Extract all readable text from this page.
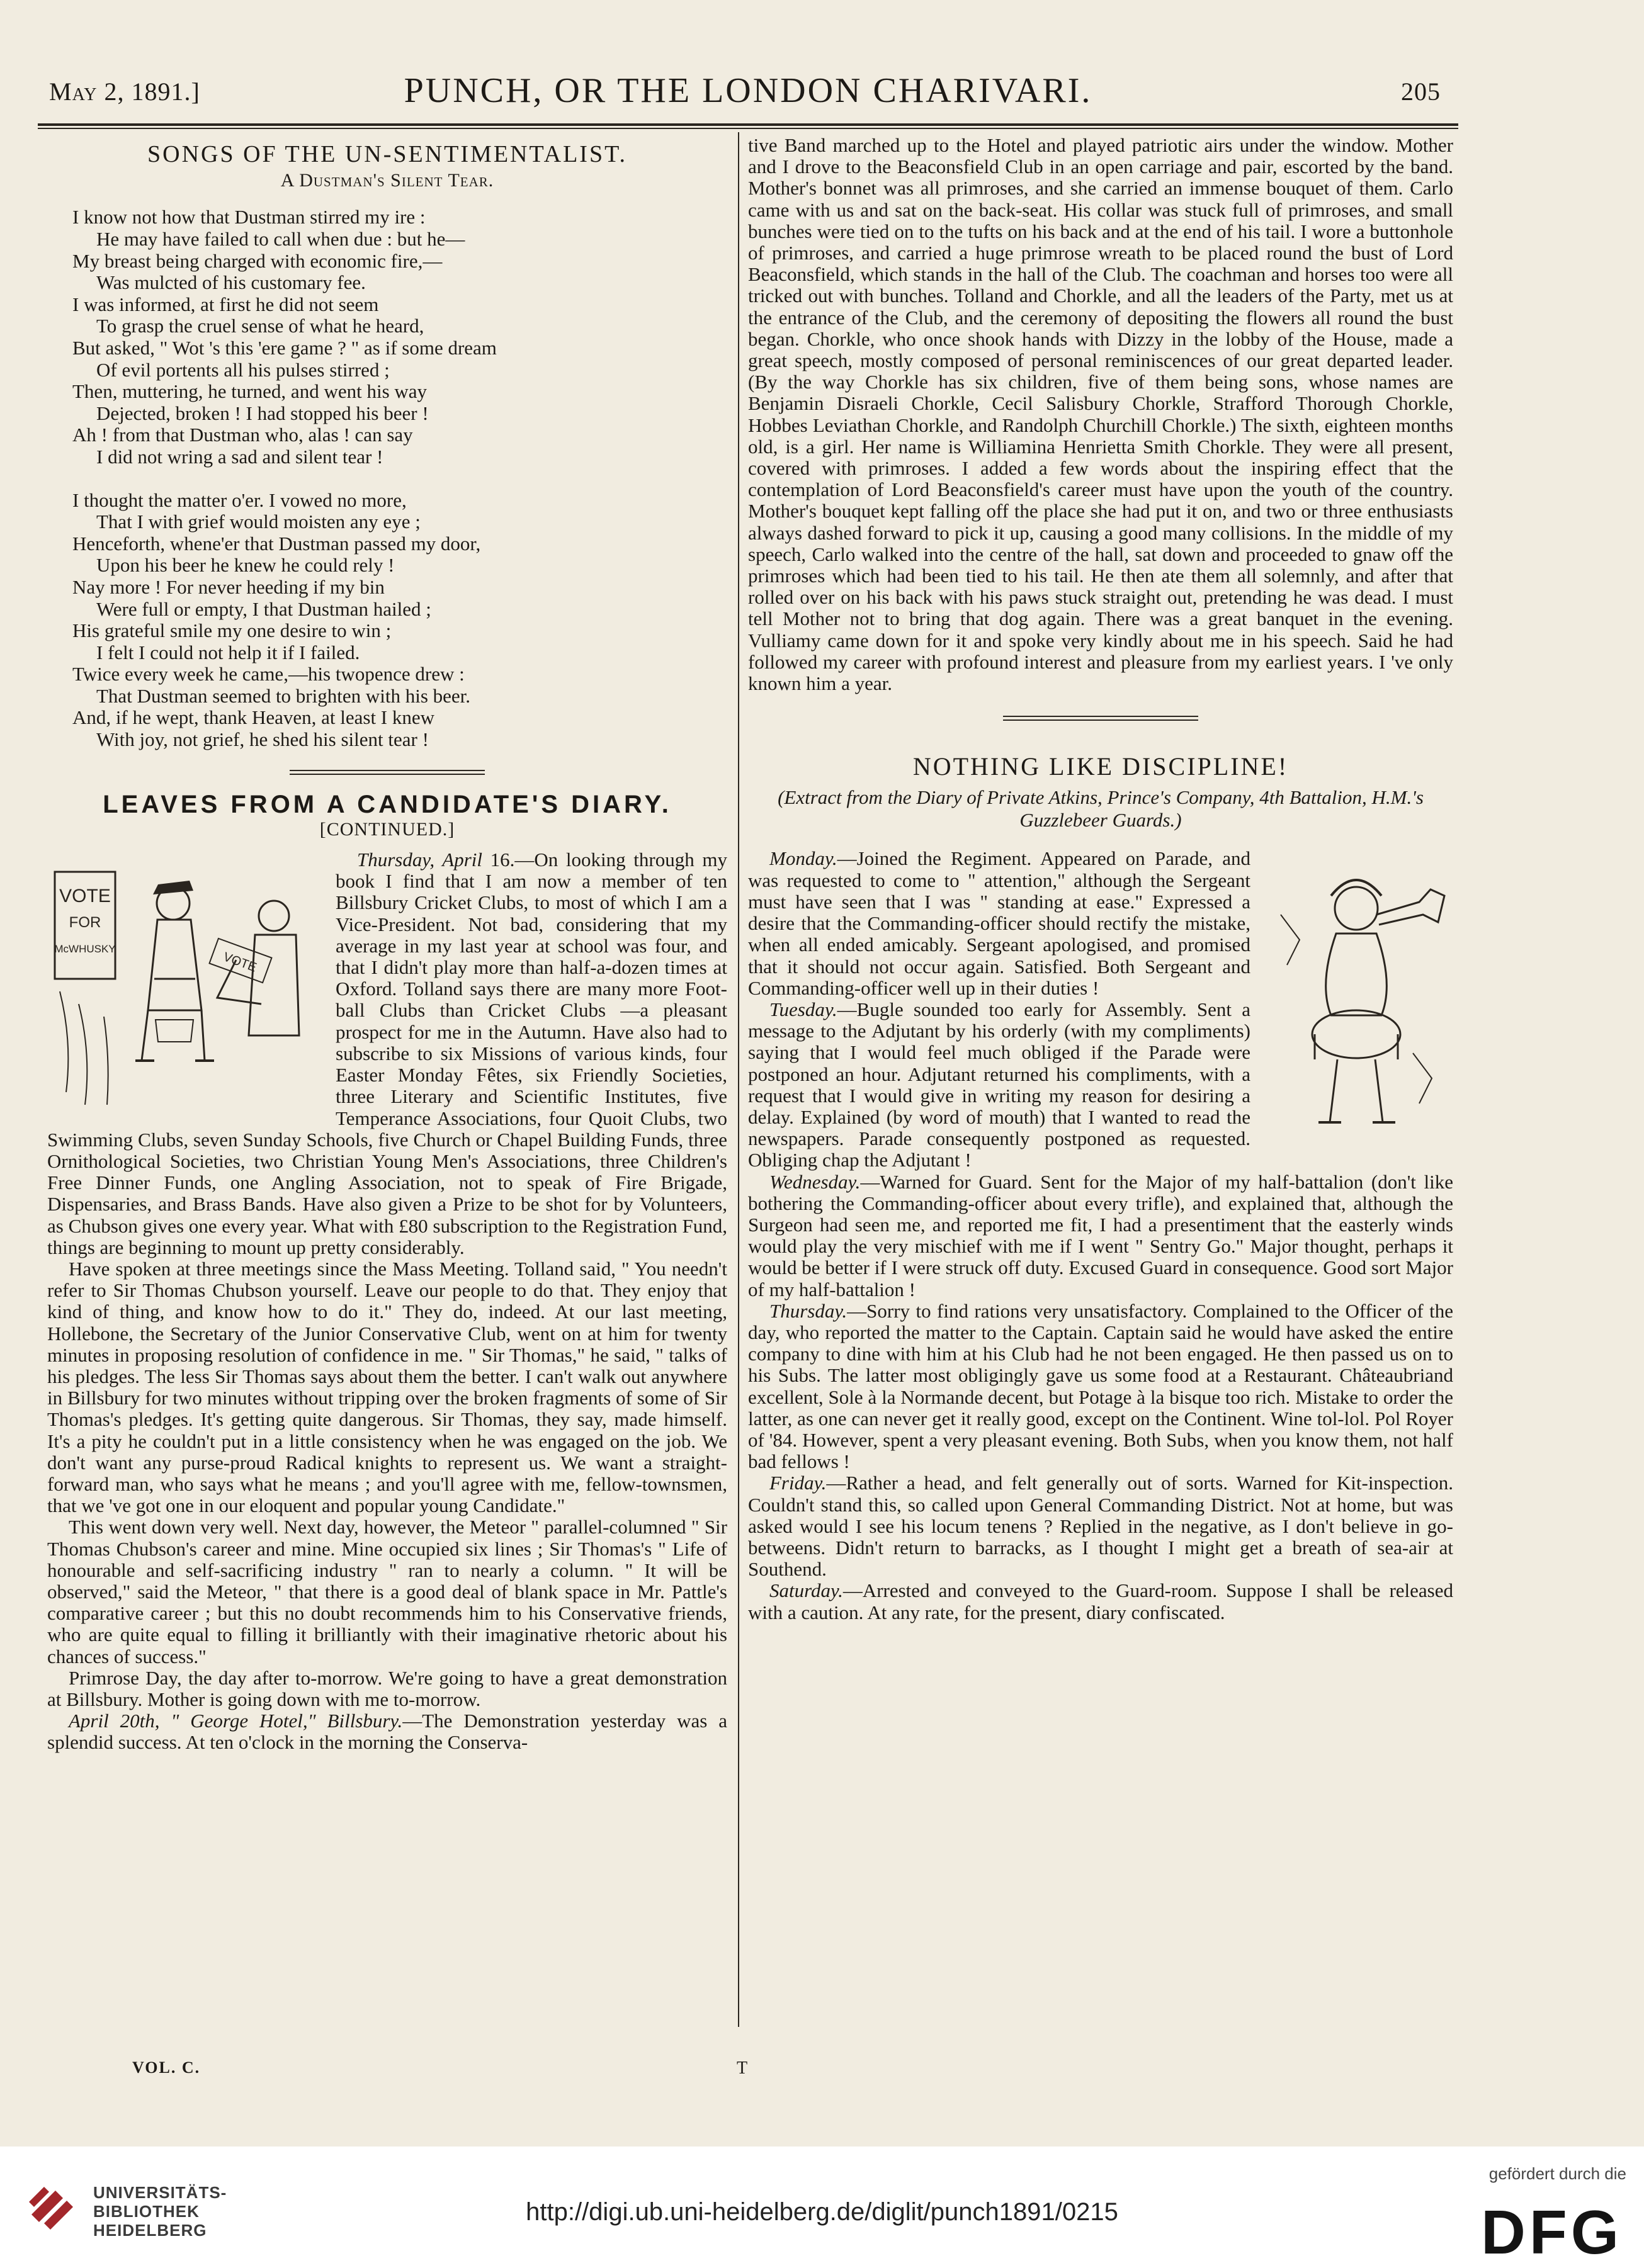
May 2, 1891.]	PUNCH, OR THE LONDON CHARIVARI.	205
SONGS OF THE UN-SENTIMENTALIST.
A Dustman's Silent Tear.
I know not how that Dustman stirred my ire :
He may have failed to call when due : but he—
My breast being charged with economic fire,—
Was mulcted of his customary fee.
I was informed, at first he did not seem
To grasp the cruel sense of what he heard,
But asked, " Wot 's this 'ere game ? " as if some dream
Of evil portents all his pulses stirred ;
Then, muttering, he turned, and went his way
Dejected, broken ! I had stopped his beer !
Ah ! from that Dustman who, alas ! can say
I did not wring a sad and silent tear !
I thought the matter o'er. I vowed no more,
That I with grief would moisten any eye ;
Henceforth, whene'er that Dustman passed my door,
Upon his beer he knew he could rely !
Nay more ! For never heeding if my bin
Were full or empty, I that Dustman hailed ;
His grateful smile my one desire to win ;
I felt I could not help it if I failed.
Twice every week he came,—his twopence drew :
That Dustman seemed to brighten with his beer.
And, if he wept, thank Heaven, at least I knew
With joy, not grief, he shed his silent tear !
LEAVES FROM A CANDIDATE'S DIARY.
[CONTINUED.]

VOTE
FOR
McWHUSKY
VOTE
Thursday, April 16.—On looking through my book I find that I am now a member of ten Billsbury Cricket Clubs, to most of which I am a Vice-President. Not bad, considering that my average in my last year at school was four, and that I didn't play more than half-a-dozen times at Oxford. Tolland says there are many more Foot-ball Clubs than Cricket Clubs —a pleasant prospect for me in the Autumn. Have also had to subscribe to six Missions of various kinds, four Easter Monday Fêtes, six Friendly Societies, three Literary and Scientific Institutes, five Temperance Associations, four Quoit Clubs, two Swimming Clubs, seven Sunday Schools, five Church or Chapel Building Funds, three Ornithological Societies, two Christian Young Men's Associations, three Children's Free Dinner Funds, one Angling Association, not to speak of Fire Brigade, Dispensaries, and Brass Bands. Have also given a Prize to be shot for by Volunteers, as Chubson gives one every year. What with £80 subscription to the Registration Fund, things are beginning to mount up pretty considerably.

Have spoken at three meetings since the Mass Meeting. Tolland said, " You needn't refer to Sir Thomas Chubson yourself. Leave our people to do that. They enjoy that kind of thing, and know how to do it." They do, indeed. At our last meeting, Hollebone, the Secretary of the Junior Conservative Club, went on at him for twenty minutes in proposing resolution of confidence in me. " Sir Thomas," he said, " talks of his pledges. The less Sir Thomas says about them the better. I can't walk out anywhere in Billsbury for two minutes without tripping over the broken fragments of some of Sir Thomas's pledges. It's getting quite dangerous. Sir Thomas, they say, made himself. It's a pity he couldn't put in a little consistency when he was engaged on the job. We don't want any purse-proud Radical knights to represent us. We want a straight-forward man, who says what he means ; and you'll agree with me, fellow-townsmen, that we 've got one in our eloquent and popular young Candidate."

This went down very well. Next day, however, the Meteor " parallel-columned " Sir Thomas Chubson's career and mine. Mine occupied six lines ; Sir Thomas's " Life of honourable and self-sacrificing industry " ran to nearly a column. " It will be observed," said the Meteor, " that there is a good deal of blank space in Mr. Pattle's comparative career ; but this no doubt recommends him to his Conservative friends, who are quite equal to filling it brilliantly with their imaginative rhetoric about his chances of success."

Primrose Day, the day after to-morrow. We're going to have a great demonstration at Billsbury. Mother is going down with me to-morrow.

April 20th, " George Hotel," Billsbury.—The Demonstration yesterday was a splendid success. At ten o'clock in the morning the Conserva-

tive Band marched up to the Hotel and played patriotic airs under the window. Mother and I drove to the Beaconsfield Club in an open carriage and pair, escorted by the band. Mother's bonnet was all primroses, and she carried an immense bouquet of them. Carlo came with us and sat on the back-seat. His collar was stuck full of primroses, and small bunches were tied on to the tufts on his back and at the end of his tail. I wore a buttonhole of primroses, and carried a huge primrose wreath to be placed round the bust of Lord Beaconsfield, which stands in the hall of the Club. The coachman and horses too were all tricked out with bunches. Tolland and Chorkle, and all the leaders of the Party, met us at the entrance of the Club, and the ceremony of depositing the flowers all round the bust began. Chorkle, who once shook hands with Dizzy in the lobby of the House, made a great speech, mostly composed of personal reminiscences of our great departed leader. (By the way Chorkle has six children, five of them being sons, whose names are Benjamin Disraeli Chorkle, Cecil Salisbury Chorkle, Strafford Thorough Chorkle, Hobbes Leviathan Chorkle, and Randolph Churchill Chorkle.) The sixth, eighteen months old, is a girl. Her name is Williamina Henrietta Smith Chorkle. They were all present, covered with primroses. I added a few words about the inspiring effect that the contemplation of Lord Beaconsfield's career must have upon the youth of the country. Mother's bouquet kept falling off the place she had put it on, and two or three enthusiasts always dashed forward to pick it up, causing a good many collisions. In the middle of my speech, Carlo walked into the centre of the hall, sat down and proceeded to gnaw off the primroses which had been tied to his tail. He then ate them all solemnly, and after that rolled over on his back with his paws stuck straight out, pretending he was dead. I must tell Mother not to bring that dog again. There was a great banquet in the evening. Vulliamy came down for it and spoke very kindly about me in his speech. Said he had followed my career with profound interest and pleasure from my earliest years. I 've only known him a year.

NOTHING LIKE DISCIPLINE!
(Extract from the Diary of Private Atkins, Prince's Company, 4th Battalion, H.M.'s Guzzlebeer Guards.)

Monday.—Joined the Regiment. Appeared on Parade, and was requested to come to " attention," although the Sergeant must have seen that I was " standing at ease." Expressed a desire that the Commanding-officer should rectify the mistake, when all ended amicably. Sergeant apologised, and promised that it should not occur again. Satisfied. Both Sergeant and Commanding-officer well up in their duties !

Tuesday.—Bugle sounded too early for Assembly. Sent a message to the Adjutant by his orderly (with my compliments) saying that I would feel much obliged if the Parade were postponed an hour. Adjutant returned his compliments, with a request that I would give in writing my reason for desiring a delay. Explained (by word of mouth) that I wanted to read the newspapers. Parade consequently postponed as requested. Obliging chap the Adjutant !

Wednesday.—Warned for Guard. Sent for the Major of my half-battalion (don't like bothering the Commanding-officer about every trifle), and explained that, although the Surgeon had seen me, and reported me fit, I had a presentiment that the easterly winds would play the very mischief with me if I went " Sentry Go." Major thought, perhaps it would be better if I were struck off duty. Excused Guard in consequence. Good sort Major of my half-battalion !

Thursday.—Sorry to find rations very unsatisfactory. Complained to the Officer of the day, who reported the matter to the Captain. Captain said he would have asked the entire company to dine with him at his Club had he not been engaged. He then passed us on to his Subs. The latter most obligingly gave us some food at a Restaurant. Châteaubriand excellent, Sole à la Normande decent, but Potage à la bisque too rich. Mistake to order the latter, as one can never get it really good, except on the Continent. Wine tol-lol. Pol Royer of '84. However, spent a very pleasant evening. Both Subs, when you know them, not half bad fellows !

Friday.—Rather a head, and felt generally out of sorts. Warned for Kit-inspection. Couldn't stand this, so called upon General Commanding District. Not at home, but was asked would I see his locum tenens ? Replied in the negative, as I don't believe in go-betweens. Didn't return to barracks, as I thought I might get a breath of sea-air at Southend.

Saturday.—Arrested and conveyed to the Guard-room. Suppose I shall be released with a caution. At any rate, for the present, diary confiscated.

VOL. C.	T
UNIVERSITÄTS-
BIBLIOTHEK
HEIDELBERG
http://digi.ub.uni-heidelberg.de/diglit/punch1891/0215
gefördert durch die
DFG
